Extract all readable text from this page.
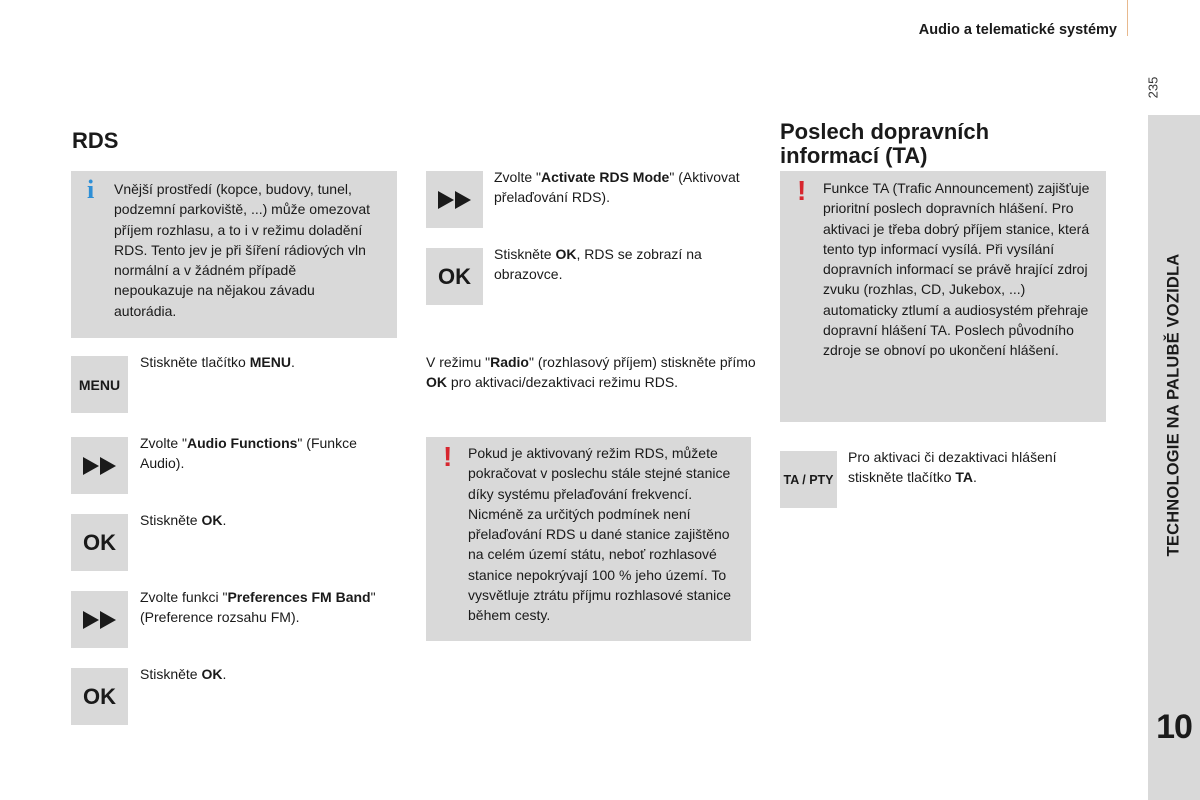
Audio a telematické systémy
235
TECHNOLOGIE NA PALUBĚ VOZIDLA
10
RDS
i Vnější prostředí (kopce, budovy, tunel, podzemní parkoviště, ...) může omezovat příjem rozhlasu, a to i v režimu doladění RDS. Tento jev je při šíření rádiových vln normální a v žádném případě nepoukazuje na nějakou závadu autorádia.
MENU
Stiskněte tlačítko MENU.
Zvolte "Audio Functions" (Funkce Audio).
OK
Stiskněte OK.
Zvolte funkci "Preferences FM Band" (Preference rozsahu FM).
OK
Stiskněte OK.
Zvolte "Activate RDS Mode" (Aktivovat přelaďování RDS).
OK
Stiskněte OK, RDS se zobrazí na obrazovce.
V režimu "Radio" (rozhlasový příjem) stiskněte přímo OK pro aktivaci/dezaktivaci režimu RDS.
! Pokud je aktivovaný režim RDS, můžete pokračovat v poslechu stále stejné stanice díky systému přelaďování frekvencí. Nicméně za určitých podmínek není přelaďování RDS u dané stanice zajištěno na celém území státu, neboť rozhlasové stanice nepokrývají 100 % jeho území. To vysvětluje ztrátu příjmu rozhlasové stanice během cesty.
Poslech dopravních informací (TA)
! Funkce TA (Trafic Announcement) zajišťuje prioritní poslech dopravních hlášení. Pro aktivaci je třeba dobrý příjem stanice, která tento typ informací vysílá. Při vysílání dopravních informací se právě hrající zdroj zvuku (rozhlas, CD, Jukebox, ...) automaticky ztlumí a audiosystém přehraje dopravní hlášení TA. Poslech původního zdroje se obnoví po ukončení hlášení.
TA / PTY
Pro aktivaci či dezaktivaci hlášení stiskněte tlačítko TA.
